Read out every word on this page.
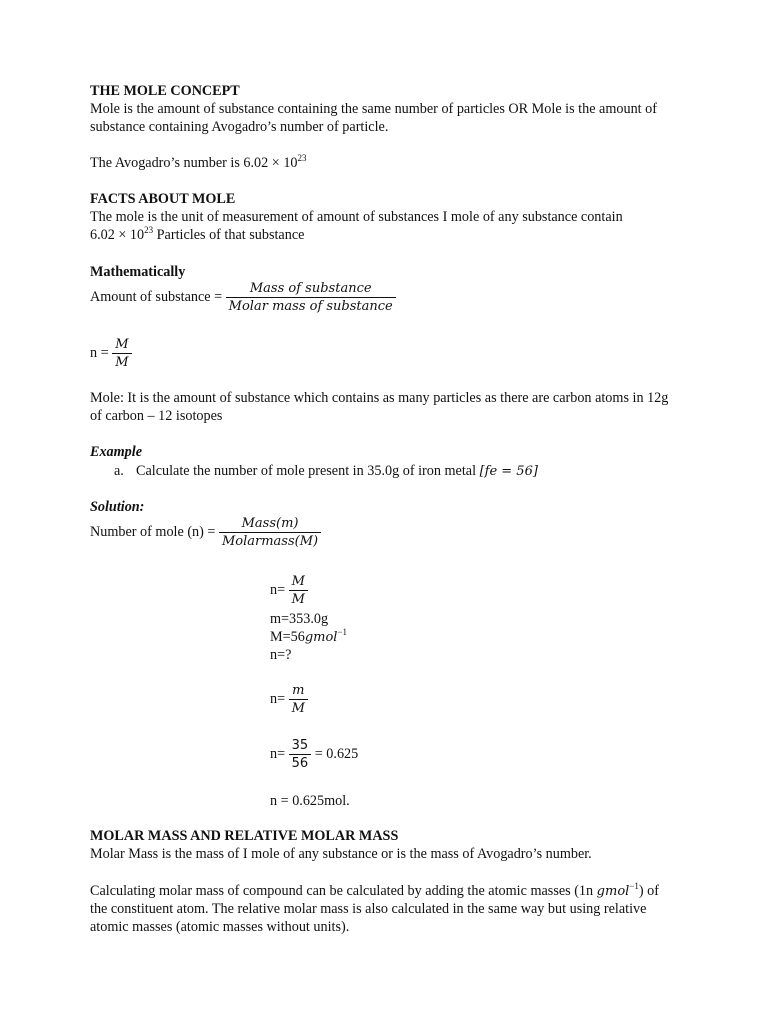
THE MOLE CONCEPT
Mole is the amount of substance containing the same number of particles OR Mole is the amount of
substance containing Avogadro’s number of particle.
The Avogadro’s number is $6.02 \times 10^{23}$
FACTS ABOUT MOLE
The mole is the unit of measurement of amount of substances I mole of any substance contain
$6.02 \times 10^{23}$ Particles of that substance
Mathematically
Amount of substance = $\frac{\text{Mass of substance}}{\text{Molar mass of substance}}$
$n = \frac{M}{M}$
Mole: It is the amount of substance which contains as many particles as there are carbon atoms in 12g
of carbon – 12 isotopes
Example
a. Calculate the number of mole present in 35.0g of iron metal [fe = 56]
Solution:
Number of mole $(n) = \frac{\text{Mass(m)}}{\text{Molarmass(M)}}$
$n= \frac{M}{M}$
m=353.0g
M=56gmol$^{-1}$
n=?
$n= \frac{m}{M}$
$n= \frac{35}{56} = 0.625$
n = 0.625mol.
MOLAR MASS AND RELATIVE MOLAR MASS
Molar Mass is the mass of I mole of any substance or is the mass of Avogadro’s number.
Calculating molar mass of compound can be calculated by adding the atomic masses (1n gmol$^{-1}$) of
the constituent atom. The relative molar mass is also calculated in the same way but using relative
atomic masses (atomic masses without units).
